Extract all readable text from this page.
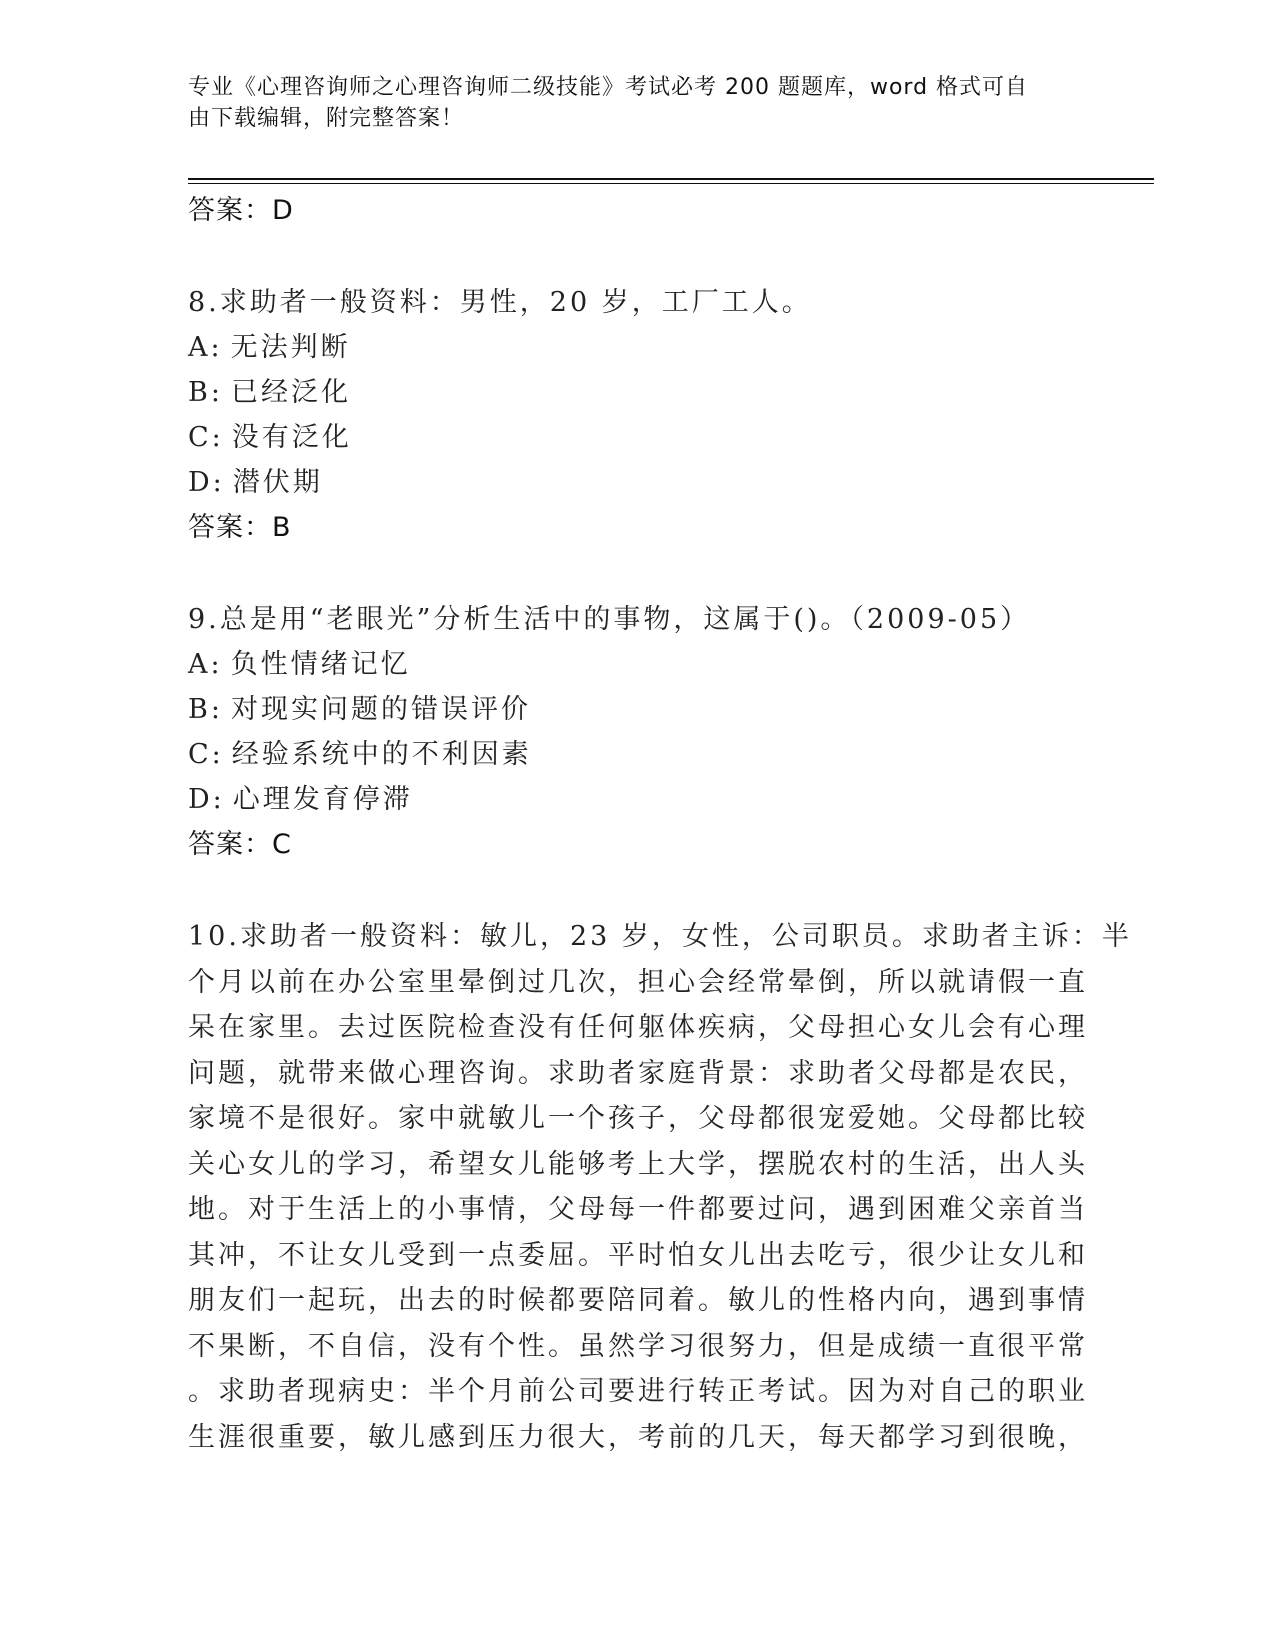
专业《心理咨询师之心理咨询师二级技能》考试必考 200 题题库，word 格式可自
由下载编辑，附完整答案！

答案：D

8.求助者一般资料：男性，20 岁，工厂工人。

A: 无法判断

B: 已经泛化

C: 没有泛化

D: 潜伏期

答案：B

9.总是用“老眼光”分析生活中的事物，这属于()。（2009-05）

A: 负性情绪记忆

B: 对现实问题的错误评价

C: 经验系统中的不利因素

D: 心理发育停滞

答案：C

10.求助者一般资料：敏儿，23 岁，女性，公司职员。求助者主诉：半
个月以前在办公室里晕倒过几次，担心会经常晕倒，所以就请假一直
呆在家里。去过医院检查没有任何躯体疾病，父母担心女儿会有心理
问题，就带来做心理咨询。求助者家庭背景：求助者父母都是农民，
家境不是很好。家中就敏儿一个孩子，父母都很宠爱她。父母都比较
关心女儿的学习，希望女儿能够考上大学，摆脱农村的生活，出人头
地。对于生活上的小事情，父母每一件都要过问，遇到困难父亲首当
其冲，不让女儿受到一点委屈。平时怕女儿出去吃亏，很少让女儿和
朋友们一起玩，出去的时候都要陪同着。敏儿的性格内向，遇到事情
不果断，不自信，没有个性。虽然学习很努力，但是成绩一直很平常
。求助者现病史：半个月前公司要进行转正考试。因为对自己的职业
生涯很重要，敏儿感到压力很大，考前的几天，每天都学习到很晚，
